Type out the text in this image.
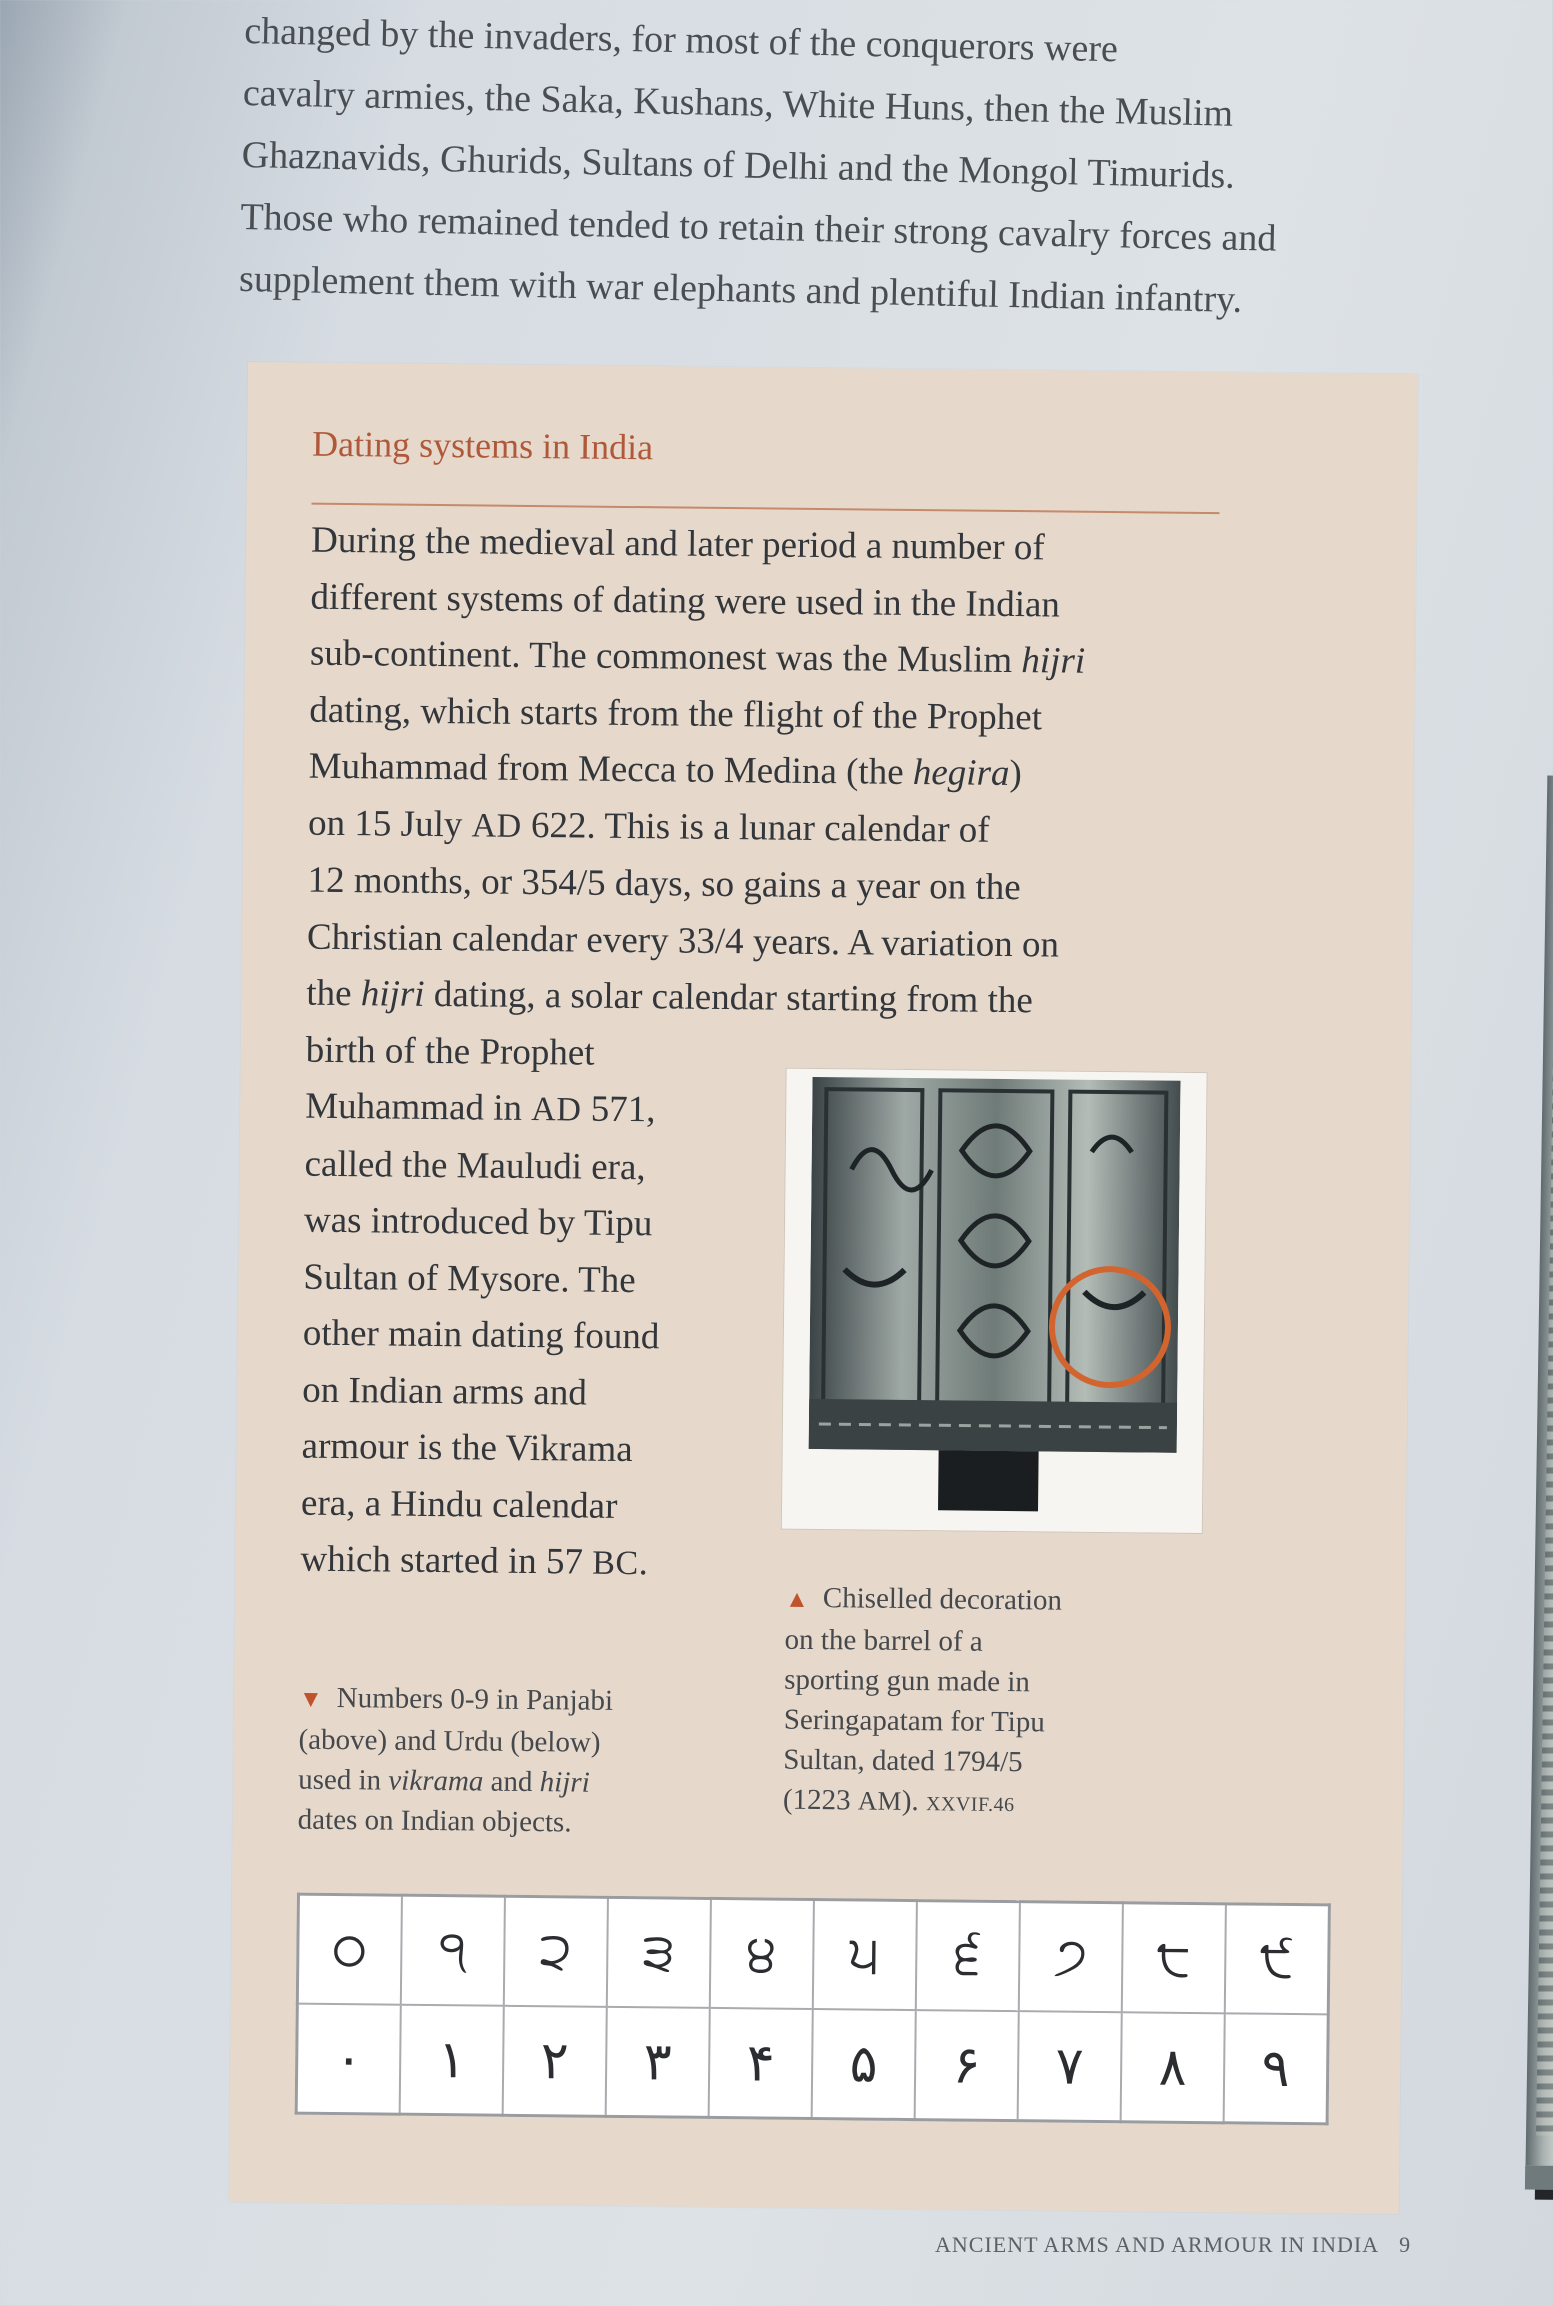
changed by the invaders, for most of the conquerors were
cavalry armies, the Saka, Kushans, White Huns, then the Muslim
Ghaznavids, Ghurids, Sultans of Delhi and the Mongol Timurids.
Those who remained tended to retain their strong cavalry forces and
supplement them with war elephants and plentiful Indian infantry.

Dating systems in India
During the medieval and later period a number of
different systems of dating were used in the Indian
sub-continent. The commonest was the Muslim hijri
dating, which starts from the flight of the Prophet
Muhammad from Mecca to Medina (the hegira)
on 15 July AD 622. This is a lunar calendar of
12 months, or 354/5 days, so gains a year on the
Christian calendar every 33/4 years. A variation on
the hijri dating, a solar calendar starting from the
birth of the Prophet
Muhammad in AD 571,
called the Mauludi era,
was introduced by Tipu
Sultan of Mysore. The
other main dating found
on Indian arms and
armour is the Vikrama
era, a Hindu calendar
which started in 57 BC.
▲ Chiselled decoration
on the barrel of a
sporting gun made in
Seringapatam for Tipu
Sultan, dated 1794/5
(1223 AM). XXVIF.46
▼ Numbers 0-9 in Panjabi
(above) and Urdu (below)
used in vikrama and hijri
dates on Indian objects.
੦	੧	੨	੩	੪	੫	੬	੭	੮	੯
۰	۱	۲	۳	۴	۵	۶	۷	۸	۹
ANCIENT ARMS AND ARMOUR IN INDIA 9
